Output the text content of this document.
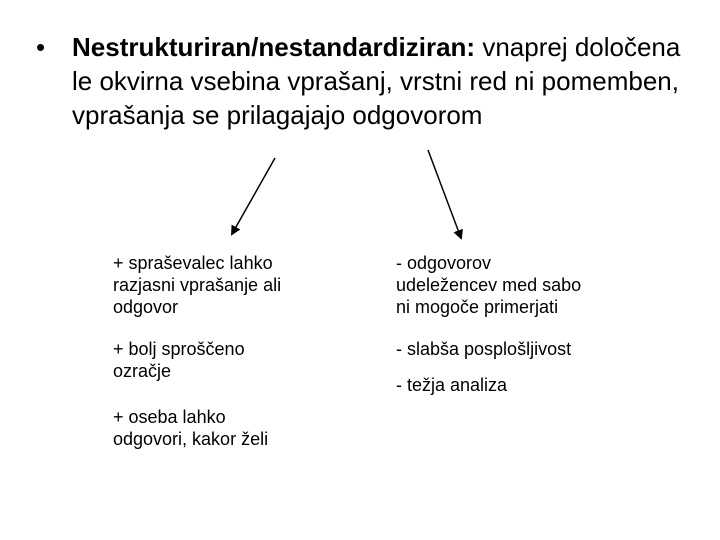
•	Nestrukturiran/nestandardiziran: vnaprej določena le okvirna vsebina vprašanj, vrstni red ni pomemben, vprašanja se prilagajajo odgovorom

+ spraševalec lahko
razjasni vprašanje ali
odgovor

+ bolj sproščeno
ozračje

+ oseba lahko
odgovori, kakor želi

- odgovorov
udeležencev med sabo
ni mogoče primerjati

- slabša posplošljivost

- težja analiza
